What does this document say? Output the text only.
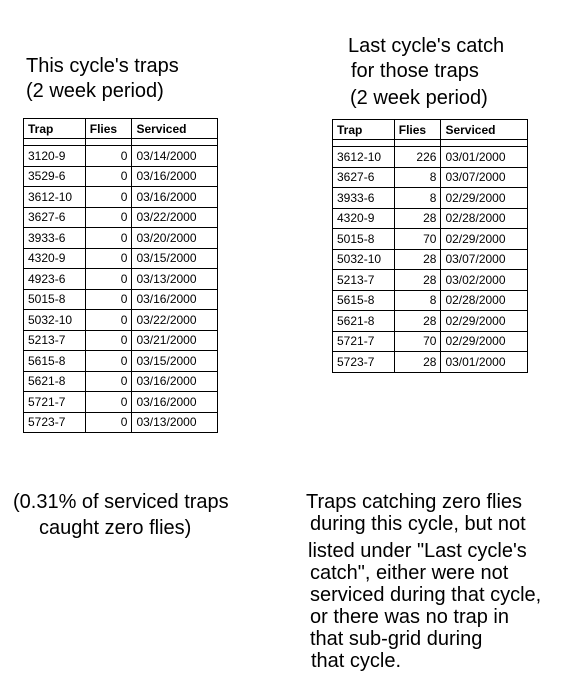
This cycle's traps
(2 week period)
Trap	Flies	Serviced

3120-9	0	03/14/2000
3529-6	0	03/16/2000
3612-10	0	03/16/2000
3627-6	0	03/22/2000
3933-6	0	03/20/2000
4320-9	0	03/15/2000
4923-6	0	03/13/2000
5015-8	0	03/16/2000
5032-10	0	03/22/2000
5213-7	0	03/21/2000
5615-8	0	03/15/2000
5621-8	0	03/16/2000
5721-7	0	03/16/2000
5723-7	0	03/13/2000
(0.31% of serviced traps
caught zero flies)
Last cycle's catch
for those traps
(2 week period)
Trap	Flies	Serviced

3612-10	226	03/01/2000
3627-6	8	03/07/2000
3933-6	8	02/29/2000
4320-9	28	02/28/2000
5015-8	70	02/29/2000
5032-10	28	03/07/2000
5213-7	28	03/02/2000
5615-8	8	02/28/2000
5621-8	28	02/29/2000
5721-7	70	02/29/2000
5723-7	28	03/01/2000
Traps catching zero flies
during this cycle, but not
listed under "Last cycle's
catch", either were not
serviced during that cycle,
or there was no trap in
that sub-grid during
that cycle.
